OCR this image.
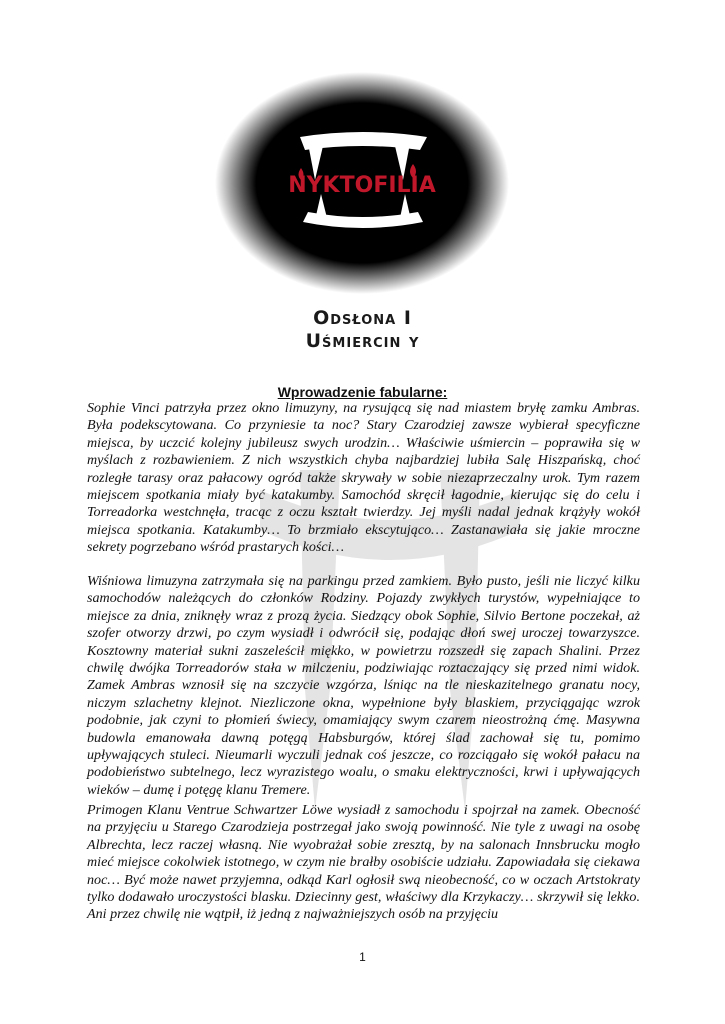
NYKTOFILIA
Odsłona I
Uśmiercin y
Wprowadzenie fabularne:

Sophie Vinci patrzyła przez okno limuzyny, na rysującą się nad miastem bryłę zamku Ambras. Była podekscytowana. Co przyniesie ta noc? Stary Czarodziej zawsze wybierał specyficzne miejsca, by uczcić kolejny jubileusz swych urodzin… Właściwie uśmiercin – poprawiła się w myślach z rozbawieniem. Z nich wszystkich chyba najbardziej lubiła Salę Hiszpańską, choć rozległe tarasy oraz pałacowy ogród także skrywały w sobie niezaprzeczalny urok. Tym razem miejscem spotkania miały być katakumby. Samochód skręcił łagodnie, kierując się do celu i Torreadorka westchnęła, tracąc z oczu kształt twierdzy. Jej myśli nadal jednak krążyły wokół miejsca spotkania. Katakumby… To brzmiało ekscytująco… Zastanawiała się jakie mroczne sekrety pogrzebano wśród prastarych kości…

Wiśniowa limuzyna zatrzymała się na parkingu przed zamkiem. Było pusto, jeśli nie liczyć kilku samochodów należących do członków Rodziny. Pojazdy zwykłych turystów, wypełniające to miejsce za dnia, zniknęły wraz z prozą życia. Siedzący obok Sophie, Silvio Bertone poczekał, aż szofer otworzy drzwi, po czym wysiadł i odwrócił się, podając dłoń swej uroczej towarzyszce. Kosztowny materiał sukni zaszeleścił miękko, w powietrzu rozszedł się zapach Shalini. Przez chwilę dwójka Torreadorów stała w milczeniu, podziwiając roztaczający się przed nimi widok. Zamek Ambras wznosił się na szczycie wzgórza, lśniąc na tle nieskazitelnego granatu nocy, niczym szlachetny klejnot. Niezliczone okna, wypełnione były blaskiem, przyciągając wzrok podobnie, jak czyni to płomień świecy, omamiający swym czarem nieostrożną ćmę. Masywna budowla emanowała dawną potęgą Habsburgów, której ślad zachował się tu, pomimo upływających stuleci. Nieumarli wyczuli jednak coś jeszcze, co rozciągało się wokół pałacu na podobieństwo subtelnego, lecz wyrazistego woalu, o smaku elektryczności, krwi i upływających wieków – dumę i potęgę klanu Tremere.

Primogen Klanu Ventrue Schwartzer Löwe wysiadł z samochodu i spojrzał na zamek. Obecność na przyjęciu u Starego Czarodzieja postrzegał jako swoją powinność. Nie tyle z uwagi na osobę Albrechta, lecz raczej własną. Nie wyobrażał sobie zresztą, by na salonach Innsbrucku mogło mieć miejsce cokolwiek istotnego, w czym nie brałby osobiście udziału. Zapowiadała się ciekawa noc… Być może nawet przyjemna, odkąd Karl ogłosił swą nieobecność, co w oczach Artstokraty tylko dodawało uroczystości blasku. Dziecinny gest, właściwy dla Krzykaczy… skrzywił się lekko. Ani przez chwilę nie wątpił, iż jedną z najważniejszych osób na przyjęciu

1
